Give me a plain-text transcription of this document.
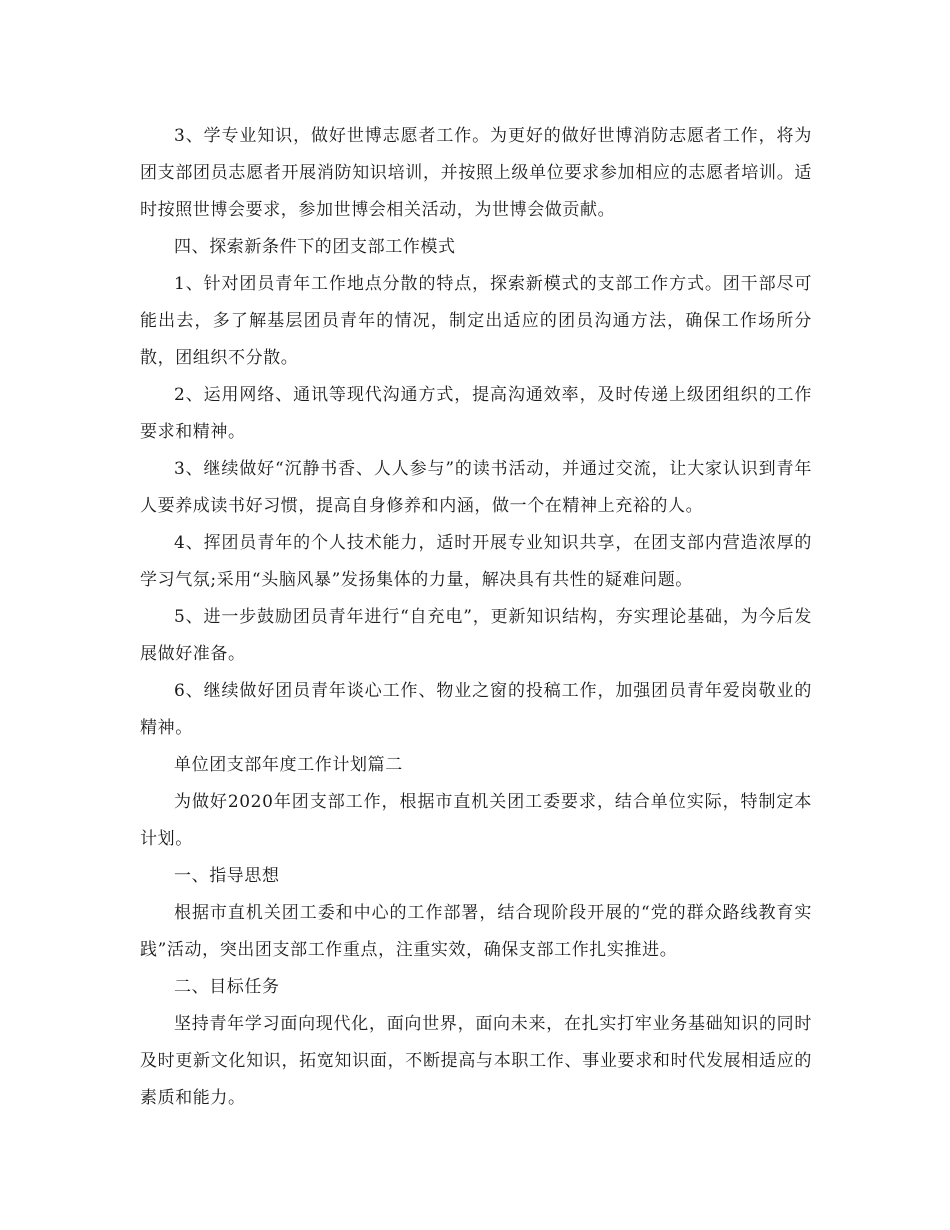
3、学专业知识，做好世博志愿者工作。为更好的做好世博消防志愿者工作，将为团支部团员志愿者开展消防知识培训，并按照上级单位要求参加相应的志愿者培训。适时按照世博会要求，参加世博会相关活动，为世博会做贡献。

四、探索新条件下的团支部工作模式

1、针对团员青年工作地点分散的特点，探索新模式的支部工作方式。团干部尽可能出去，多了解基层团员青年的情况，制定出适应的团员沟通方法，确保工作场所分散，团组织不分散。

2、运用网络、通讯等现代沟通方式，提高沟通效率，及时传递上级团组织的工作要求和精神。

3、继续做好“沉静书香、人人参与”的读书活动，并通过交流，让大家认识到青年人要养成读书好习惯，提高自身修养和内涵，做一个在精神上充裕的人。

4、挥团员青年的个人技术能力，适时开展专业知识共享，在团支部内营造浓厚的学习气氛;采用“头脑风暴”发扬集体的力量，解决具有共性的疑难问题。

5、进一步鼓励团员青年进行“自充电”，更新知识结构，夯实理论基础，为今后发展做好准备。

6、继续做好团员青年谈心工作、物业之窗的投稿工作，加强团员青年爱岗敬业的精神。

单位团支部年度工作计划篇二

为做好2020年团支部工作，根据市直机关团工委要求，结合单位实际，特制定本计划。

一、指导思想

根据市直机关团工委和中心的工作部署，结合现阶段开展的“党的群众路线教育实践”活动，突出团支部工作重点，注重实效，确保支部工作扎实推进。

二、目标任务

坚持青年学习面向现代化，面向世界，面向未来，在扎实打牢业务基础知识的同时及时更新文化知识，拓宽知识面，不断提高与本职工作、事业要求和时代发展相适应的素质和能力。
